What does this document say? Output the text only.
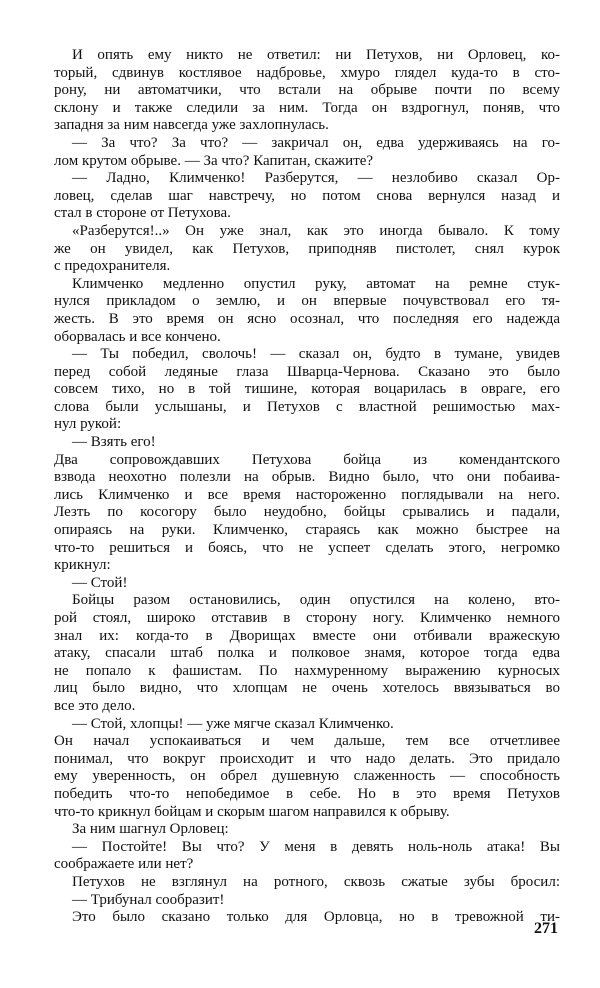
И опять ему никто не ответил: ни Петухов, ни Орловец, ко-
торый, сдвинув костлявое надбровье, хмуро глядел куда-то в сто-
рону, ни автоматчики, что встали на обрыве почти по всему
склону и также следили за ним. Тогда он вздрогнул, поняв, что
западня за ним навсегда уже захлопнулась.
— За что? За что? — закричал он, едва удерживаясь на го-
лом крутом обрыве. — За что? Капитан, скажите?
— Ладно, Климченко! Разберутся, — незлобиво сказал Ор-
ловец, сделав шаг навстречу, но потом снова вернулся назад и
стал в стороне от Петухова.
«Разберутся!..» Он уже знал, как это иногда бывало. К тому
же он увидел, как Петухов, приподняв пистолет, снял курок
с предохранителя.
Климченко медленно опустил руку, автомат на ремне стук-
нулся прикладом о землю, и он впервые почувствовал его тя-
жесть. В это время он ясно осознал, что последняя его надежда
оборвалась и все кончено.
— Ты победил, сволочь! — сказал он, будто в тумане, увидев
перед собой ледяные глаза Шварца-Чернова. Сказано это было
совсем тихо, но в той тишине, которая воцарилась в овраге, его
слова были услышаны, и Петухов с властной решимостью мах-
нул рукой:
— Взять его!
Два сопровождавших Петухова бойца из комендантского
взвода неохотно полезли на обрыв. Видно было, что они побаива-
лись Климченко и все время настороженно поглядывали на него.
Лезть по косогору было неудобно, бойцы срывались и падали,
опираясь на руки. Климченко, стараясь как можно быстрее на
что-то решиться и боясь, что не успеет сделать этого, негромко
крикнул:
— Стой!
Бойцы разом остановились, один опустился на колено, вто-
рой стоял, широко отставив в сторону ногу. Климченко немного
знал их: когда-то в Дворищах вместе они отбивали вражескую
атаку, спасали штаб полка и полковое знамя, которое тогда едва
не попало к фашистам. По нахмуренному выражению курносых
лиц было видно, что хлопцам не очень хотелось ввязываться во
все это дело.
— Стой, хлопцы! — уже мягче сказал Климченко.
Он начал успокаиваться и чем дальше, тем все отчетливее
понимал, что вокруг происходит и что надо делать. Это придало
ему уверенность, он обрел душевную слаженность — способность
победить что-то непобедимое в себе. Но в это время Петухов
что-то крикнул бойцам и скорым шагом направился к обрыву.
За ним шагнул Орловец:
— Постойте! Вы что? У меня в девять ноль-ноль атака! Вы
соображаете или нет?
Петухов не взглянул на ротного, сквозь сжатые зубы бросил:
— Трибунал сообразит!
Это было сказано только для Орловца, но в тревожной ти-
271
